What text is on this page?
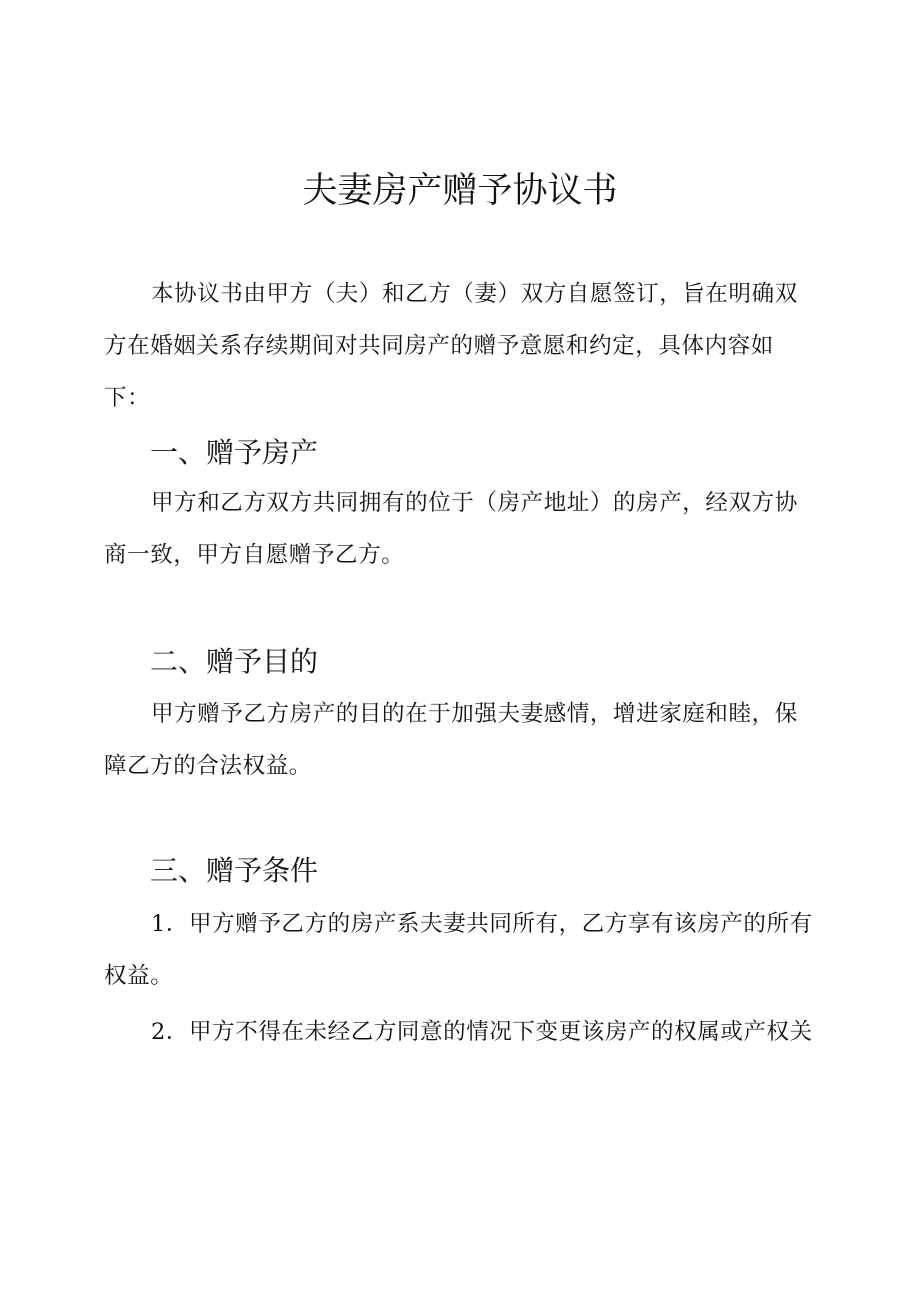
夫妻房产赠予协议书

本协议书由甲方（夫）和乙方（妻）双方自愿签订，旨在明确双方在婚姻关系存续期间对共同房产的赠予意愿和约定，具体内容如下：

一、赠予房产

甲方和乙方双方共同拥有的位于（房产地址）的房产，经双方协商一致，甲方自愿赠予乙方。

二、赠予目的

甲方赠予乙方房产的目的在于加强夫妻感情，增进家庭和睦，保障乙方的合法权益。

三、赠予条件

1．甲方赠予乙方的房产系夫妻共同所有，乙方享有该房产的所有权益。

2．甲方不得在未经乙方同意的情况下变更该房产的权属或产权关
